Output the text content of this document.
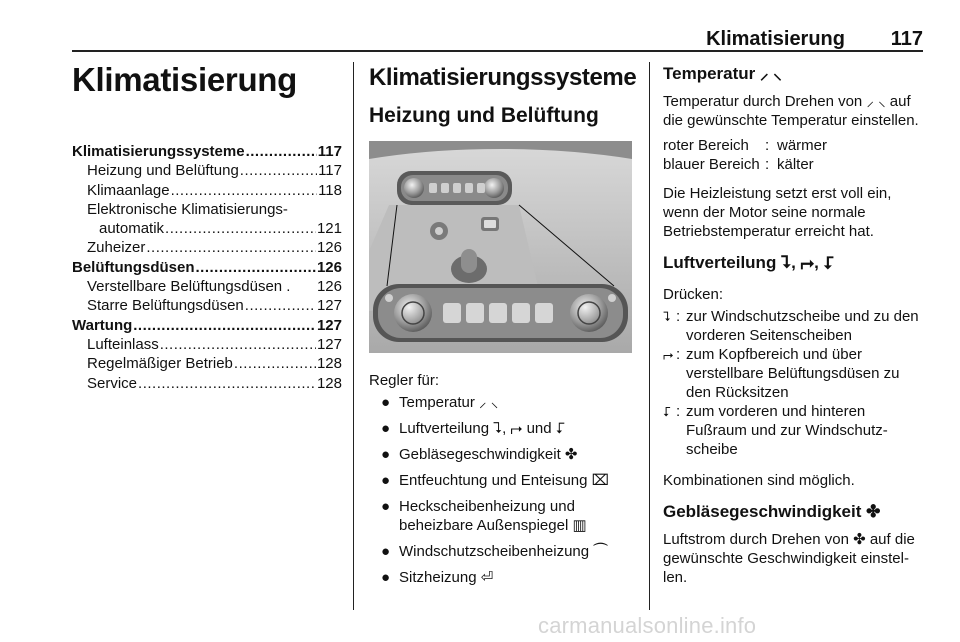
Klimatisierung 117
Klimatisierung
Klimatisierungssysteme .....	117
Heizung und Belüftung .....	117
Klimaanlage .....	118
Elektronische Klimatisierungs-
automatik .....	121
Zuheizer .....	126
Belüftungsdüsen .....	126
Verstellbare Belüftungsdüsen . 126
Starre Belüftungsdüsen .....	127
Wartung .....	127
Lufteinlass .....	127
Regelmäßiger Betrieb .....	128
Service .....	128
Klimatisierungssysteme
Heizung und Belüftung
Regler für:
● Temperatur ⸝ ⸜
● Luftverteilung ⮧, ⮣ und ⮦
● Gebläsegeschwindigkeit ✤
● Entfeuchtung und Enteisung ⌧
● Heckscheibenheizung und beheizbare Außenspiegel ▥
● Windschutzscheibenheizung ⏜
● Sitzheizung ⏎
Temperatur ⸝ ⸜
Temperatur durch Drehen von ⸝ ⸜ auf die gewünschte Temperatur einstellen.
roter Bereich	: wärmer
blauer Bereich : kälter
Die Heizleistung setzt erst voll ein, wenn der Motor seine normale Betriebstemperatur erreicht hat.
Luftverteilung ⮧, ⮣, ⮦
Drücken:
⮧ : zur Windschutzscheibe und zu den vorderen Seitenscheiben
⮣ : zum Kopfbereich und über verstellbare Belüftungsdüsen zu den Rücksitzen
⮦ : zum vorderen und hinteren Fußraum und zur Windschutzscheibe
Kombinationen sind möglich.
Gebläsegeschwindigkeit ✤
Luftstrom durch Drehen von ✤ auf die gewünschte Geschwindigkeit einstellen.
carmanualsonline.info
